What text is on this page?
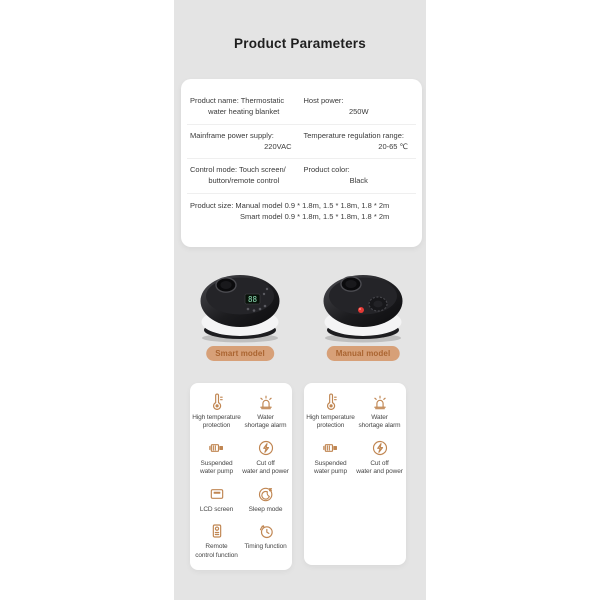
Product Parameters
Product name: Thermostatic
water heating blanket
Host power:
250W
Mainframe power supply:
220VAC
Temperature regulation range:
20-65 ℃
Control mode: Touch screen/
button/remote control
Product color:
Black
Product size: Manual model 0.9 * 1.8m, 1.5 * 1.8m, 1.8 * 2m
Smart model 0.9 * 1.8m, 1.5 * 1.8m, 1.8 * 2m
88
Smart model	Manual model
High temperature
protection
Water
shortage alarm
Suspended
water pump
Cut off
water and power
LCD screen Sleep mode
Remote
control function
Timing function
High temperature
protection
Water
shortage alarm
Suspended
water pump
Cut off
water and power
